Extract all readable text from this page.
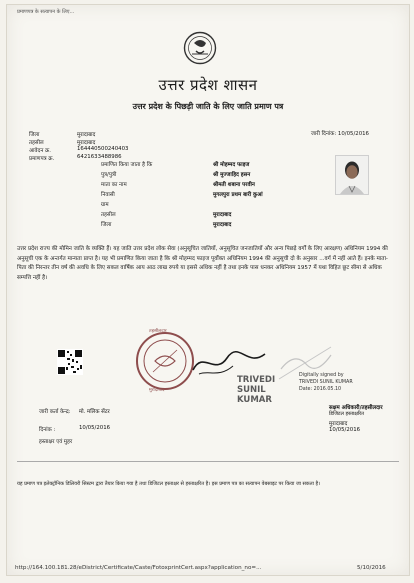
प्रमाणपत्र के सत्यापन के लिए...
उत्तर प्रदेश शासन
उत्तर प्रदेश के पिछड़ी जाति के लिए जाति प्रमाण पत्र
जिला	मुरादाबाद
तहसील	मुरादाबाद
आवेदन क्र.	164440500240403
प्रमाणपत्र क्र.	6421633488986
जारी दिनांक: 10/05/2016
प्रमाणित किया जाता है कि	श्री मोहम्मद फाइज
पुत्र/पुत्री	श्री मुज्जाहिद हसन
माता का नाम	श्रीमती शबाना परवीन
निवासी	मुगलपुरा प्रथम बारी कुआं
ग्राम
तहसील	मुरादाबाद
जिला	मुरादाबाद
उत्तर प्रदेश राज्य की मोमिन जाति के व्यक्ति हैं। यह जाति उत्तर प्रदेश लोक सेवा (अनुसूचित जातियों, अनुसूचित जनजातियों और अन्य पिछड़े वर्गों के लिए आरक्षण) अधिनियम 1994 की अनुसूची एक के अन्तर्गत मान्यता प्राप्त है। यह भी प्रमाणित किया जाता है कि श्री मोहम्मद फाइज पूर्वोक्त अधिनियम 1994 की अनुसूची दो के अनुसार ...वर्ग में नहीं आते हैं। इनके माता-पिता की निरन्तर तीन वर्ष की अवधि के लिए सकल वार्षिक आय आठ लाख रुपये या इससे अधिक नहीं है तथा इनके पास धनकर अधिनियम 1957 में यथा विहित छूट सीमा से अधिक सम्पत्ति नहीं है।
तहसीलदार
मुरादाबाद
TRIVEDI SUNIL KUMAR
Digitally signed by
TRIVEDI SUNIL KUMAR
Date: 2016.05.10
सक्षम अधिकारी/तहसीलदार
डिजिटल हस्ताक्षरित
मुरादाबाद
10/05/2016
जारी कर्ता केन्द्र: मो. मलिक सेंटर
दिनांक :	10/05/2016
हस्ताक्षर एवं मुहर
यह प्रमाण पत्र इलेक्ट्रॉनिक डिलिवरी सिस्टम द्वारा तैयार किया गया है तथा डिजिटल हस्ताक्षर से हस्ताक्षरित है। इस प्रमाण पत्र का सत्यापन वेबसाइट पर किया जा सकता है।
http://164.100.181.28/eDistrict/Certificate/Caste/FotoxprintCert.aspx?application_no=...	5/10/2016
